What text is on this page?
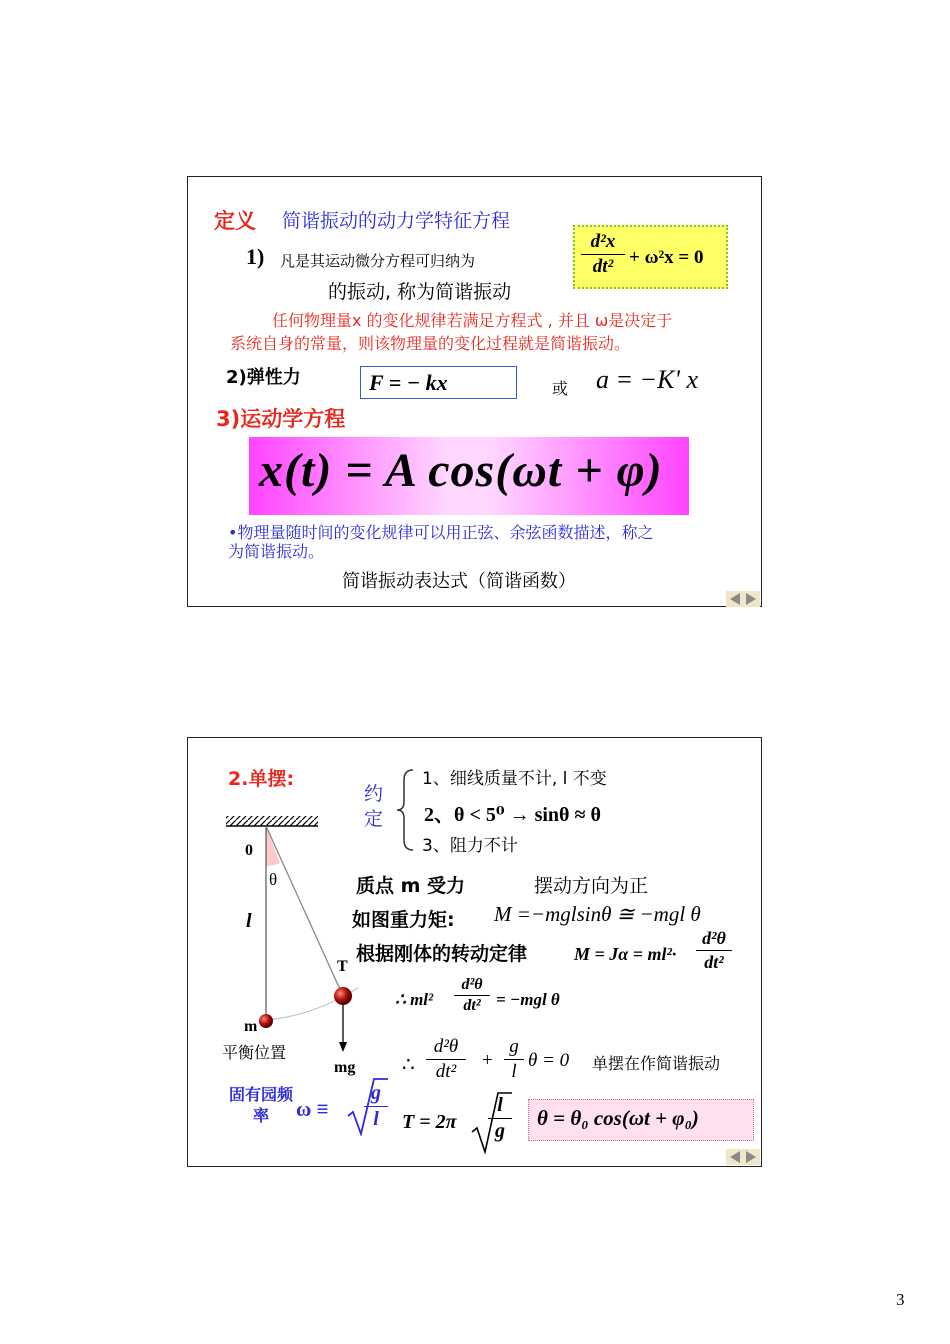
定义 简谐振动的动力学特征方程
1) 凡是其运动微分方程可归纳为
的振动, 称为简谐振动
d²x
dt² + ω²x = 0
任何物理量x 的变化规律若满足方程式 , 并且 ω是决定于
系统自身的常量，则该物理量的变化过程就是简谐振动。
2)弹性力	F = − kx	或 a = −K' x
3)运动学方程
x(t) = A cos(ωt + φ)
•物理量随时间的变化规律可以用正弦、余弦函数描述，称之
为简谐振动。
简谐振动表达式（简谐函数）
2.单摆:
约
定
1、细线质量不计, l 不变
2、θ < 5⁰ → sinθ ≈ θ
3、阻力不计
0
θ
l
T
m
平衡位置
mg
质点 m 受力	摆动方向为正
如图重力矩: M =−mglsinθ ≅ −mgl θ
根据刚体的转动定律	M = Jα = ml²·
d²θ
dt²
∴ ml²
d²θ
dt² = −mgl θ
∴
d²θ
dt²
+
g
l
θ = 0 单摆在作简谐振动
固有园频率	ω ≡
g
l	T = 2π
l
g
θ = θ₀ cos(ωt + φ₀)
3
